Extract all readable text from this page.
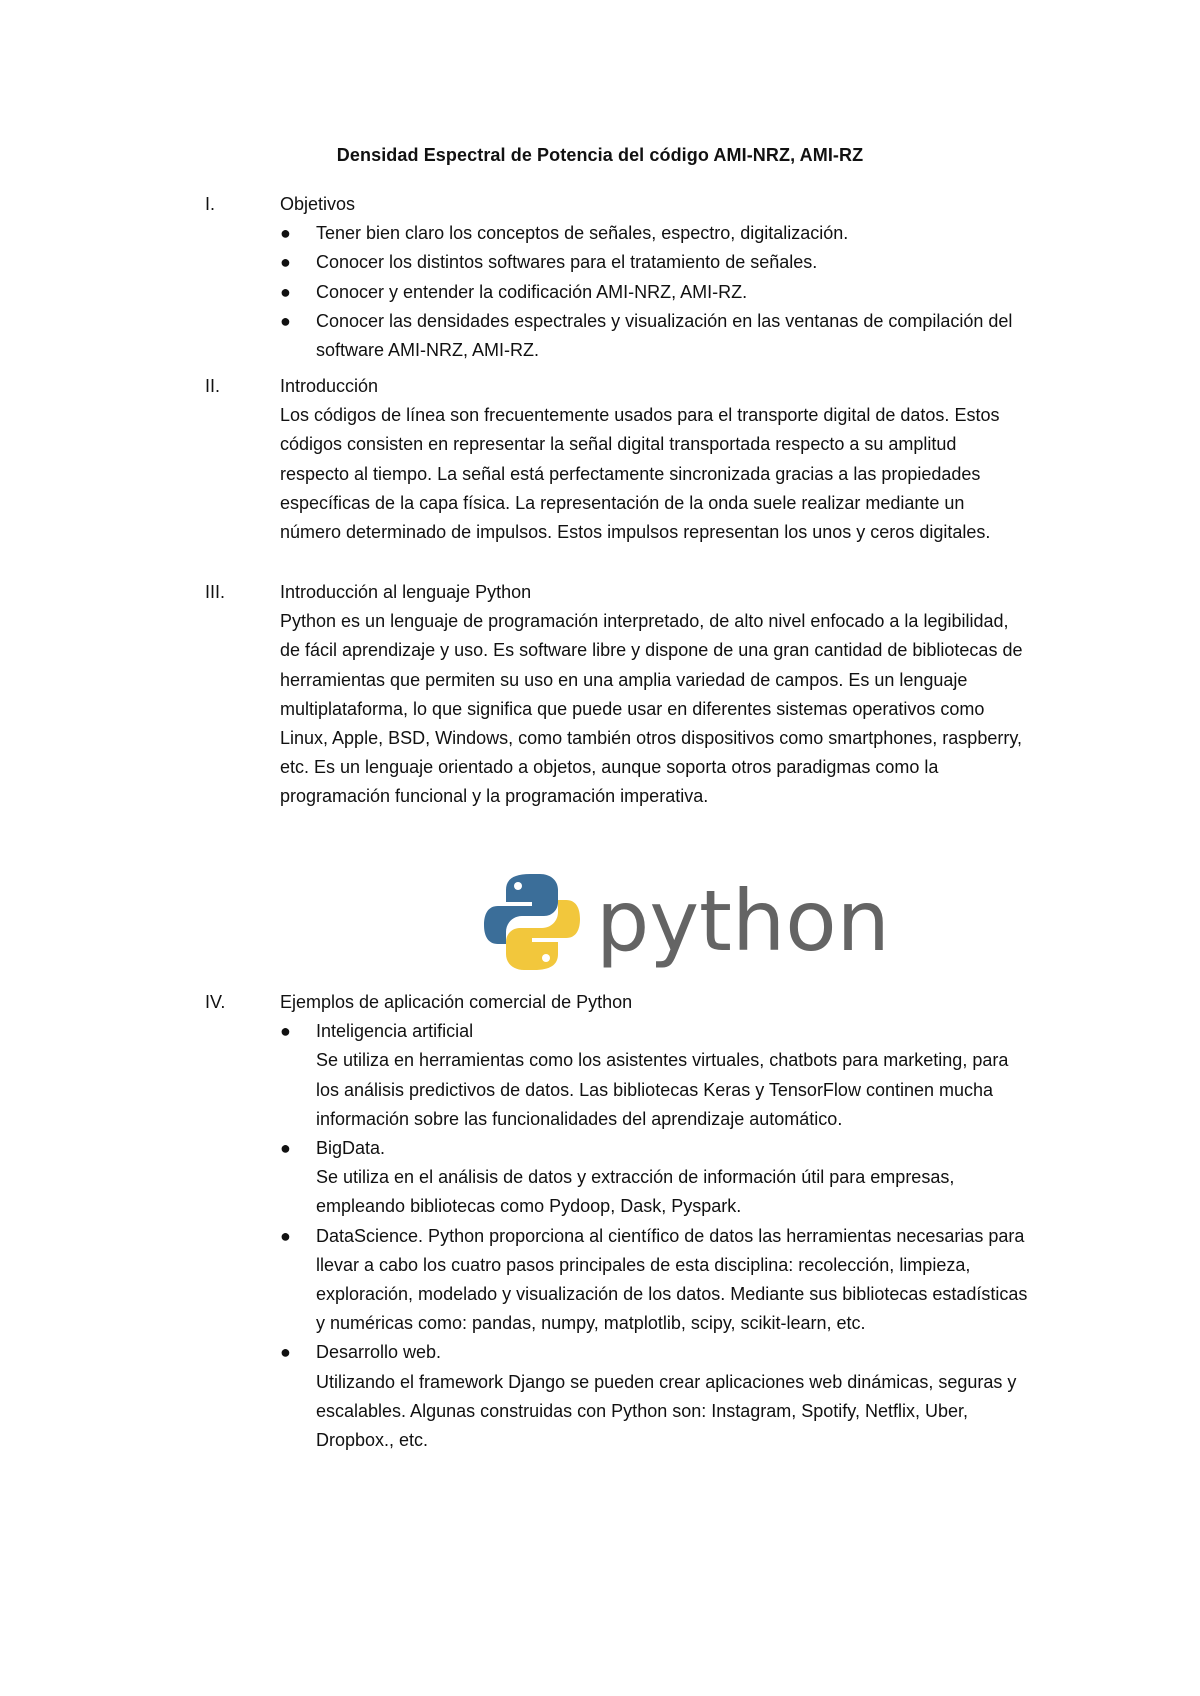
Densidad Espectral de Potencia del código AMI-NRZ, AMI-RZ
I.	Objetivos
● Tener bien claro los conceptos de señales, espectro, digitalización.
● Conocer los distintos softwares para el tratamiento de señales.
● Conocer y entender la codificación AMI-NRZ, AMI-RZ.
● Conocer las densidades espectrales y visualización en las ventanas de compilación del software AMI-NRZ, AMI-RZ.
II.	Introducción
Los códigos de línea son frecuentemente usados para el transporte digital de datos. Estos códigos consisten en representar la señal digital transportada respecto a su amplitud respecto al tiempo. La señal está perfectamente sincronizada gracias a las propiedades específicas de la capa física. La representación de la onda suele realizar mediante un número determinado de impulsos. Estos impulsos representan los unos y ceros digitales.
III.	Introducción al lenguaje Python
Python es un lenguaje de programación interpretado, de alto nivel enfocado a la legibilidad, de fácil aprendizaje y uso. Es software libre y dispone de una gran cantidad de bibliotecas de herramientas que permiten su uso en una amplia variedad de campos. Es un lenguaje multiplataforma, lo que significa que puede usar en diferentes sistemas operativos como Linux, Apple, BSD, Windows, como también otros dispositivos como smartphones, raspberry, etc. Es un lenguaje orientado a objetos, aunque soporta otros paradigmas como la programación funcional y la programación imperativa.
python
IV.	Ejemplos de aplicación comercial de Python
● Inteligencia artificial
Se utiliza en herramientas como los asistentes virtuales, chatbots para marketing, para los análisis predictivos de datos. Las bibliotecas Keras y TensorFlow continen mucha información sobre las funcionalidades del aprendizaje automático.
● BigData.
Se utiliza en el análisis de datos y extracción de información útil para empresas, empleando bibliotecas como Pydoop, Dask, Pyspark.
● DataScience. Python proporciona al científico de datos las herramientas necesarias para llevar a cabo los cuatro pasos principales de esta disciplina: recolección, limpieza, exploración, modelado y visualización de los datos. Mediante sus bibliotecas estadísticas y numéricas como: pandas, numpy, matplotlib, scipy, scikit-learn, etc.
● Desarrollo web.
Utilizando el framework Django se pueden crear aplicaciones web dinámicas, seguras y escalables. Algunas construidas con Python son: Instagram, Spotify, Netflix, Uber, Dropbox., etc.
